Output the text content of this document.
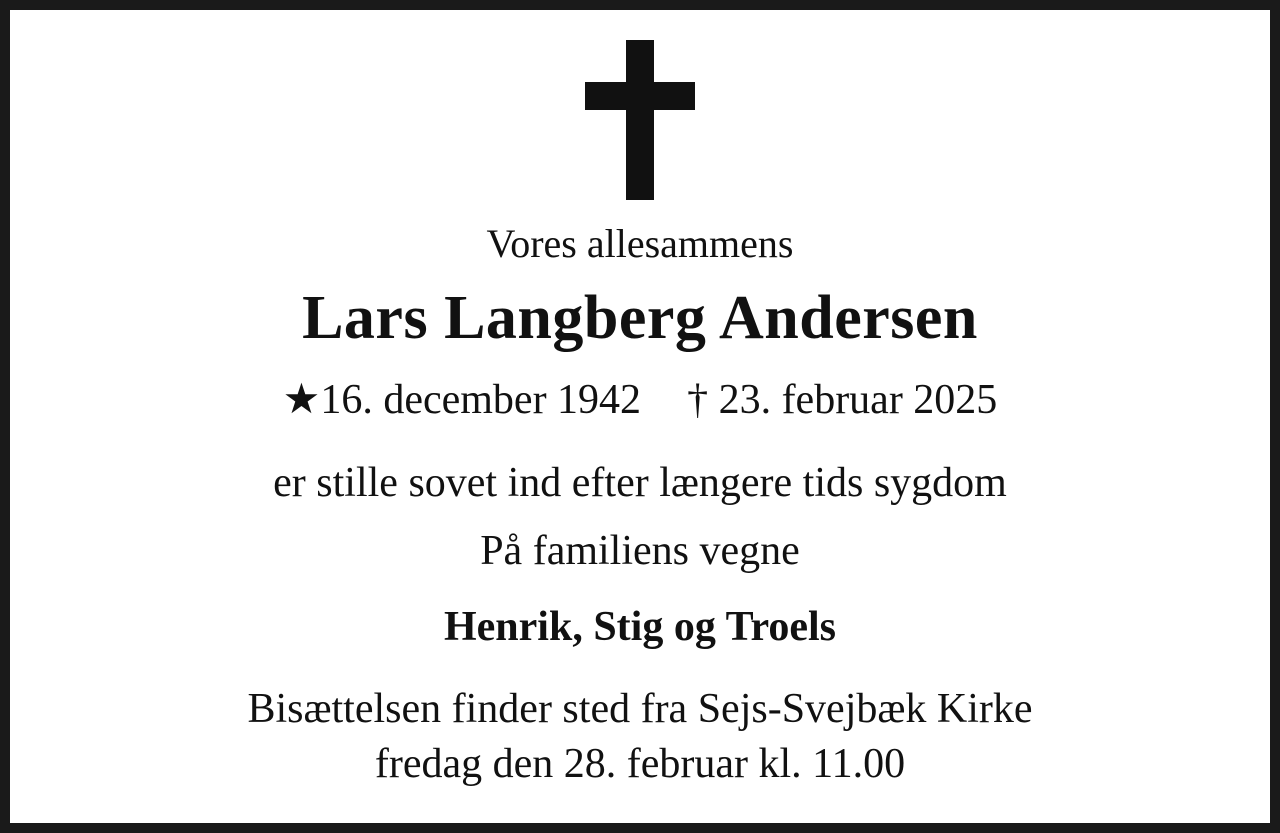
Vores allesammens
Lars Langberg Andersen
★16. december 1942 † 23. februar 2025
er stille sovet ind efter længere tids sygdom
På familiens vegne
Henrik, Stig og Troels
Bisættelsen finder sted fra Sejs-Svejbæk Kirke
fredag den 28. februar kl. 11.00
